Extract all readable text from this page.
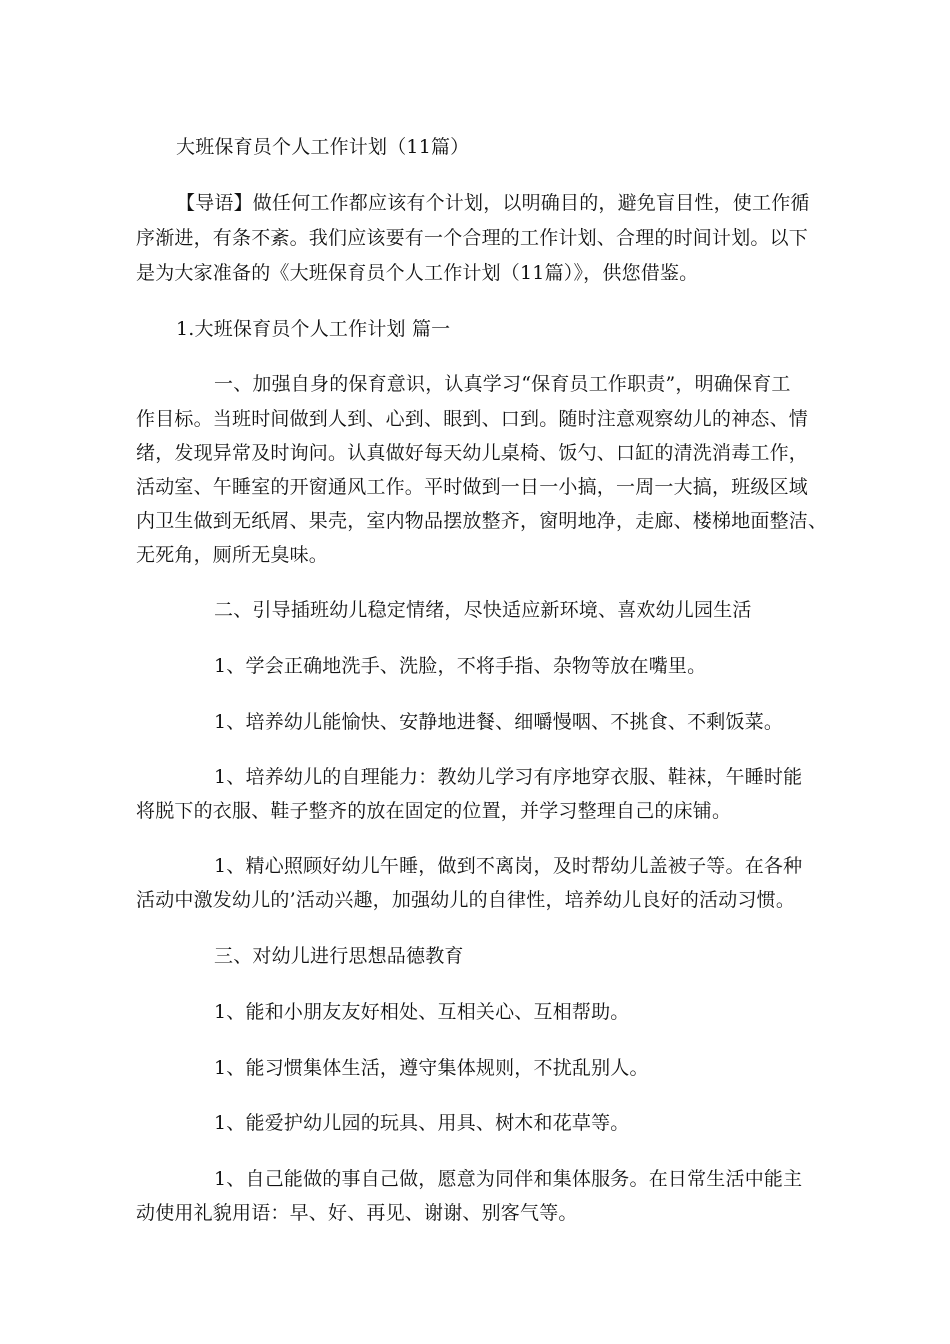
大班保育员个人工作计划（11篇）
【导语】做任何工作都应该有个计划，以明确目的，避免盲目性，使工作循
序渐进，有条不紊。我们应该要有一个合理的工作计划、合理的时间计划。以下
是为大家准备的《大班保育员个人工作计划（11篇）》，供您借鉴。
1.大班保育员个人工作计划 篇一
一、加强自身的保育意识，认真学习“保育员工作职责”，明确保育工
作目标。当班时间做到人到、心到、眼到、口到。随时注意观察幼儿的神态、情
绪，发现异常及时询问。认真做好每天幼儿桌椅、饭勺、口缸的清洗消毒工作，
活动室、午睡室的开窗通风工作。平时做到一日一小搞，一周一大搞，班级区域
内卫生做到无纸屑、果壳，室内物品摆放整齐，窗明地净，走廊、楼梯地面整洁、
无死角，厕所无臭味。
二、引导插班幼儿稳定情绪，尽快适应新环境、喜欢幼儿园生活
1、学会正确地洗手、洗脸，不将手指、杂物等放在嘴里。
1、培养幼儿能愉快、安静地进餐、细嚼慢咽、不挑食、不剩饭菜。
1、培养幼儿的自理能力：教幼儿学习有序地穿衣服、鞋袜，午睡时能
将脱下的衣服、鞋子整齐的放在固定的位置，并学习整理自己的床铺。
1、精心照顾好幼儿午睡，做到不离岗，及时帮幼儿盖被子等。在各种
活动中激发幼儿的’活动兴趣，加强幼儿的自律性，培养幼儿良好的活动习惯。
三、对幼儿进行思想品德教育
1、能和小朋友友好相处、互相关心、互相帮助。
1、能习惯集体生活，遵守集体规则，不扰乱别人。
1、能爱护幼儿园的玩具、用具、树木和花草等。
1、自己能做的事自己做，愿意为同伴和集体服务。在日常生活中能主
动使用礼貌用语：早、好、再见、谢谢、别客气等。
